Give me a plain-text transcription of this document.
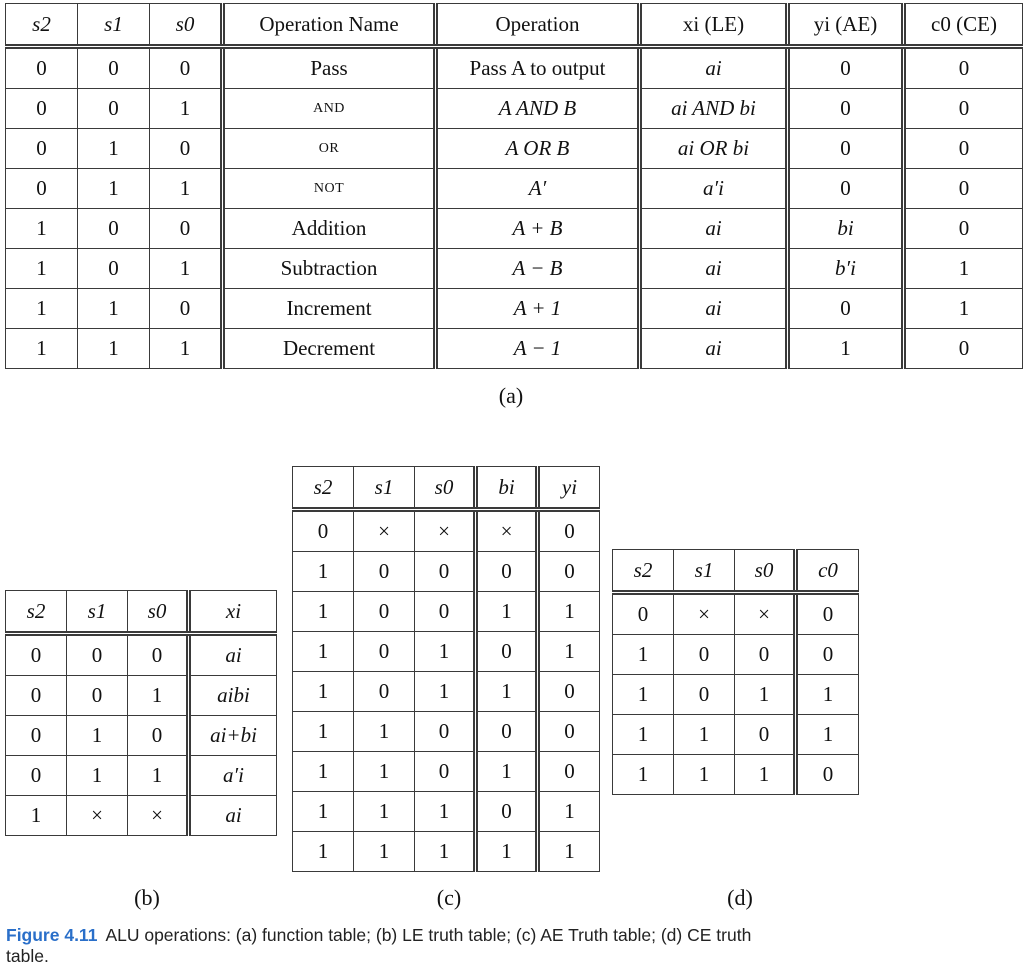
s2	s1	s0	Operation Name	Operation	xi (LE)	yi (AE)	c0 (CE)
0	0	0	Pass	Pass A to output	ai	0	0
0	0	1	AND	A AND B	ai AND bi	0	0
0	1	0	OR	A OR B	ai OR bi	0	0
0	1	1	NOT	A′	a′i	0	0
1	0	0	Addition	A + B	ai	bi	0
1	0	1	Subtraction	A − B	ai	b′i	1
1	1	0	Increment	A + 1	ai	0	1
1	1	1	Decrement	A − 1	ai	1	0
(a)
s2	s1	s0	xi
0	0	0	ai
0	0	1	aibi
0	1	0	ai+bi
0	1	1	a′i
1	×	×	ai
(b)
s2	s1	s0	bi	yi
0	×	×	×	0
1	0	0	0	0
1	0	0	1	1
1	0	1	0	1
1	0	1	1	0
1	1	0	0	0
1	1	0	1	0
1	1	1	0	1
1	1	1	1	1
(c)
s2	s1	s0	c0
0	×	×	0
1	0	0	0
1	0	1	1
1	1	0	1
1	1	1	0
(d)
Figure 4.11 ALU operations: (a) function table; (b) LE truth table; (c) AE Truth table; (d) CE truth table.
